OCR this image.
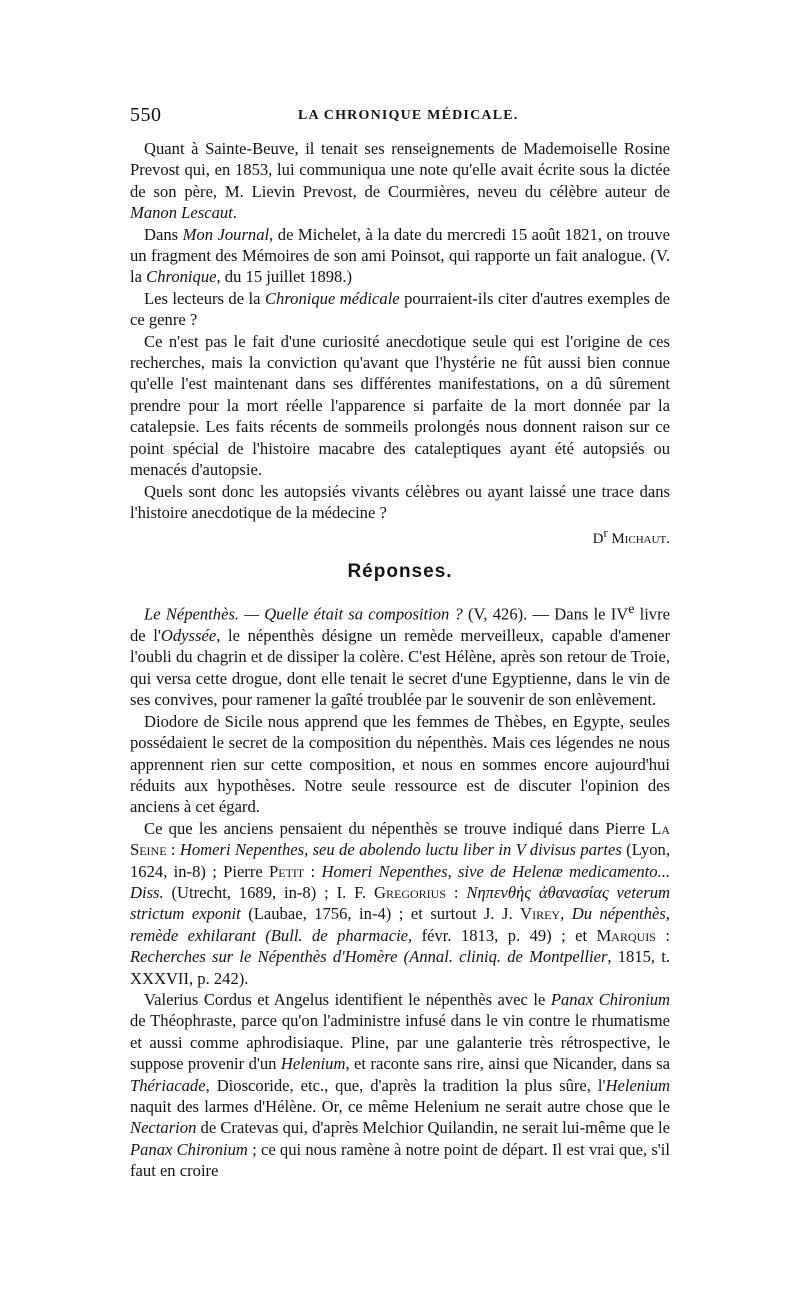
550	LA CHRONIQUE MÉDICALE.

Quant à Sainte-Beuve, il tenait ses renseignements de Mademoiselle Rosine Prevost qui, en 1853, lui communiqua une note qu'elle avait écrite sous la dictée de son père, M. Lievin Prevost, de Courmières, neveu du célèbre auteur de Manon Lescaut.

Dans Mon Journal, de Michelet, à la date du mercredi 15 août 1821, on trouve un fragment des Mémoires de son ami Poinsot, qui rapporte un fait analogue. (V. la Chronique, du 15 juillet 1898.)

Les lecteurs de la Chronique médicale pourraient-ils citer d'autres exemples de ce genre ?

Ce n'est pas le fait d'une curiosité anecdotique seule qui est l'origine de ces recherches, mais la conviction qu'avant que l'hystérie ne fût aussi bien connue qu'elle l'est maintenant dans ses différentes manifestations, on a dû sûrement prendre pour la mort réelle l'apparence si parfaite de la mort donnée par la catalepsie. Les faits récents de sommeils prolongés nous donnent raison sur ce point spécial de l'histoire macabre des cataleptiques ayant été autopsiés ou menacés d'autopsie.

Quels sont donc les autopsiés vivants célèbres ou ayant laissé une trace dans l'histoire anecdotique de la médecine ?

$D^r$ Michaut.
Réponses.

Le Népenthès. — Quelle était sa composition ? (V, 426). — Dans le IVe livre de l'Odyssée, le népenthès désigne un remède merveilleux, capable d'amener l'oubli du chagrin et de dissiper la colère. C'est Hélène, après son retour de Troie, qui versa cette drogue, dont elle tenait le secret d'une Egyptienne, dans le vin de ses convives, pour ramener la gaîté troublée par le souvenir de son enlèvement.

Diodore de Sicile nous apprend que les femmes de Thèbes, en Egypte, seules possédaient le secret de la composition du népenthès. Mais ces légendes ne nous apprennent rien sur cette composition, et nous en sommes encore aujourd'hui réduits aux hypothèses. Notre seule ressource est de discuter l'opinion des anciens à cet égard.

Ce que les anciens pensaient du népenthès se trouve indiqué dans Pierre La Seine : Homeri Nepenthes, seu de abolendo luctu liber in V divisus partes (Lyon, 1624, in-8) ; Pierre Petit : Homeri Nepenthes, sive de Helenæ medicamento... Diss. (Utrecht, 1689, in-8) ; I. F. Gregorius : Νηπενθὴς ἀθανασίας veterum strictum exponit (Laubae, 1756, in-4) ; et surtout J. J. Virey, Du népenthès, remède exhilarant (Bull. de pharmacie, févr. 1813, p. 49) ; et Marquis : Recherches sur le Népenthès d'Homère (Annal. cliniq. de Montpellier, 1815, t. XXXVII, p. 242).

Valerius Cordus et Angelus identifient le népenthès avec le Panax Chironium de Théophraste, parce qu'on l'administre infusé dans le vin contre le rhumatisme et aussi comme aphrodisiaque. Pline, par une galanterie très rétrospective, le suppose provenir d'un Helenium, et raconte sans rire, ainsi que Nicander, dans sa Thériacade, Dioscoride, etc., que, d'après la tradition la plus sûre, l'Helenium naquit des larmes d'Hélène. Or, ce même Helenium ne serait autre chose que le Nectarion de Cratevas qui, d'après Melchior Quilandin, ne serait lui-même que le Panax Chironium ; ce qui nous ramène à notre point de départ. Il est vrai que, s'il faut en croire
